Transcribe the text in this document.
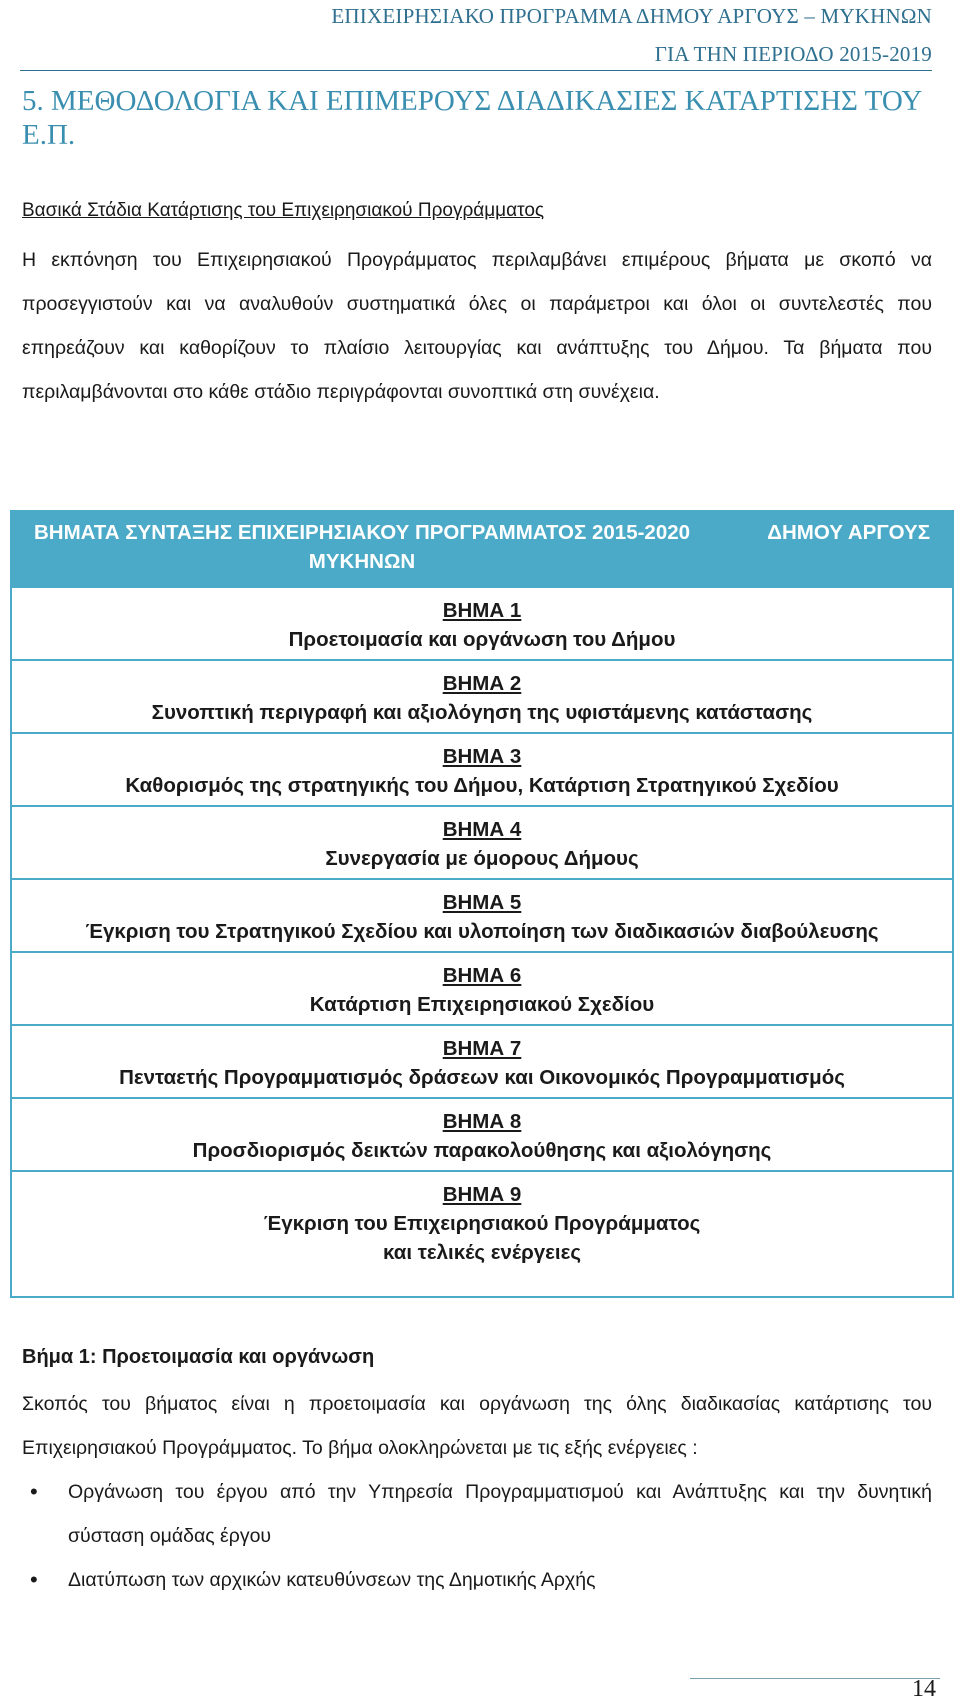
ΕΠΙΧΕΙΡΗΣΙΑΚΟ ΠΡΟΓΡΑΜΜΑ ΔΗΜΟΥ ΑΡΓΟΥΣ – ΜΥΚΗΝΩΝ
ΓΙΑ ΤΗΝ ΠΕΡΙΟΔΟ 2015-2019
5. ΜΕΘΟΔΟΛΟΓΙΑ ΚΑΙ ΕΠΙΜΕΡΟΥΣ ΔΙΑΔΙΚΑΣΙΕΣ ΚΑΤΑΡΤΙΣΗΣ ΤΟΥ Ε.Π.
Βασικά Στάδια Κατάρτισης του Επιχειρησιακού Προγράμματος
Η εκπόνηση του Επιχειρησιακού Προγράμματος περιλαμβάνει επιμέρους βήματα με σκοπό να προσεγγιστούν και να αναλυθούν συστηματικά όλες οι παράμετροι και όλοι οι συντελεστές που επηρεάζουν και καθορίζουν το πλαίσιο λειτουργίας και ανάπτυξης του Δήμου. Τα βήματα που περιλαμβάνονται στο κάθε στάδιο περιγράφονται συνοπτικά στη συνέχεια.
ΒΗΜΑΤΑ ΣΥΝΤΑΞΗΣ ΕΠΙΧΕΙΡΗΣΙΑΚΟΥ ΠΡΟΓΡΑΜΜΑΤΟΣ 2015-2020 ΜΥΚΗΝΩΝ
ΔΗΜΟΥ ΑΡΓΟΥΣ
ΒΗΜΑ 1
Προετοιμασία και οργάνωση του Δήμου
ΒΗΜΑ 2
Συνοπτική περιγραφή και αξιολόγηση της υφιστάμενης κατάστασης
ΒΗΜΑ 3
Καθορισμός της στρατηγικής του Δήμου, Κατάρτιση Στρατηγικού Σχεδίου
ΒΗΜΑ 4
Συνεργασία με όμορους Δήμους
ΒΗΜΑ 5
Έγκριση του Στρατηγικού Σχεδίου και υλοποίηση των διαδικασιών διαβούλευσης
ΒΗΜΑ 6
Κατάρτιση Επιχειρησιακού Σχεδίου
ΒΗΜΑ 7
Πενταετής Προγραμματισμός δράσεων και Οικονομικός Προγραμματισμός
ΒΗΜΑ 8
Προσδιορισμός δεικτών παρακολούθησης και αξιολόγησης
ΒΗΜΑ 9
Έγκριση του Επιχειρησιακού Προγράμματος
και τελικές ενέργειες
Βήμα 1: Προετοιμασία και οργάνωση
Σκοπός του βήματος είναι η προετοιμασία και οργάνωση της όλης διαδικασίας κατάρτισης του Επιχειρησιακού Προγράμματος. Το βήμα ολοκληρώνεται με τις εξής ενέργειες :
• Οργάνωση του έργου από την Υπηρεσία Προγραμματισμού και Ανάπτυξης και την δυνητική σύσταση ομάδας έργου
• Διατύπωση των αρχικών κατευθύνσεων της Δημοτικής Αρχής
14
